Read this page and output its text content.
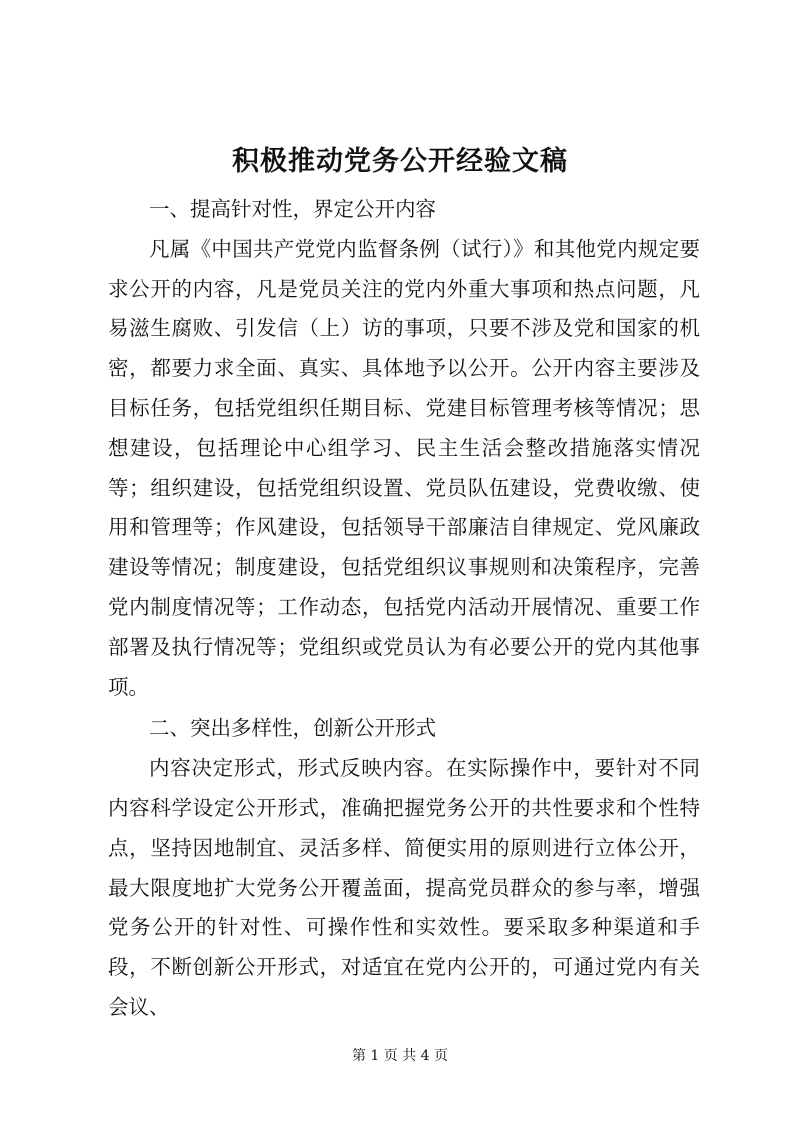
积极推动党务公开经验文稿

一、提高针对性，界定公开内容

凡属《中国共产党党内监督条例（试行）》和其他党内规定要求公开的内容，凡是党员关注的党内外重大事项和热点问题，凡易滋生腐败、引发信（上）访的事项，只要不涉及党和国家的机密，都要力求全面、真实、具体地予以公开。公开内容主要涉及目标任务，包括党组织任期目标、党建目标管理考核等情况；思想建设，包括理论中心组学习、民主生活会整改措施落实情况等；组织建设，包括党组织设置、党员队伍建设，党费收缴、使用和管理等；作风建设，包括领导干部廉洁自律规定、党风廉政建设等情况；制度建设，包括党组织议事规则和决策程序，完善党内制度情况等；工作动态，包括党内活动开展情况、重要工作部署及执行情况等；党组织或党员认为有必要公开的党内其他事项。

二、突出多样性，创新公开形式

内容决定形式，形式反映内容。在实际操作中，要针对不同内容科学设定公开形式，准确把握党务公开的共性要求和个性特点，坚持因地制宜、灵活多样、简便实用的原则进行立体公开，最大限度地扩大党务公开覆盖面，提高党员群众的参与率，增强党务公开的针对性、可操作性和实效性。要采取多种渠道和手段，不断创新公开形式，对适宜在党内公开的，可通过党内有关会议、

第 1 页 共 4 页
